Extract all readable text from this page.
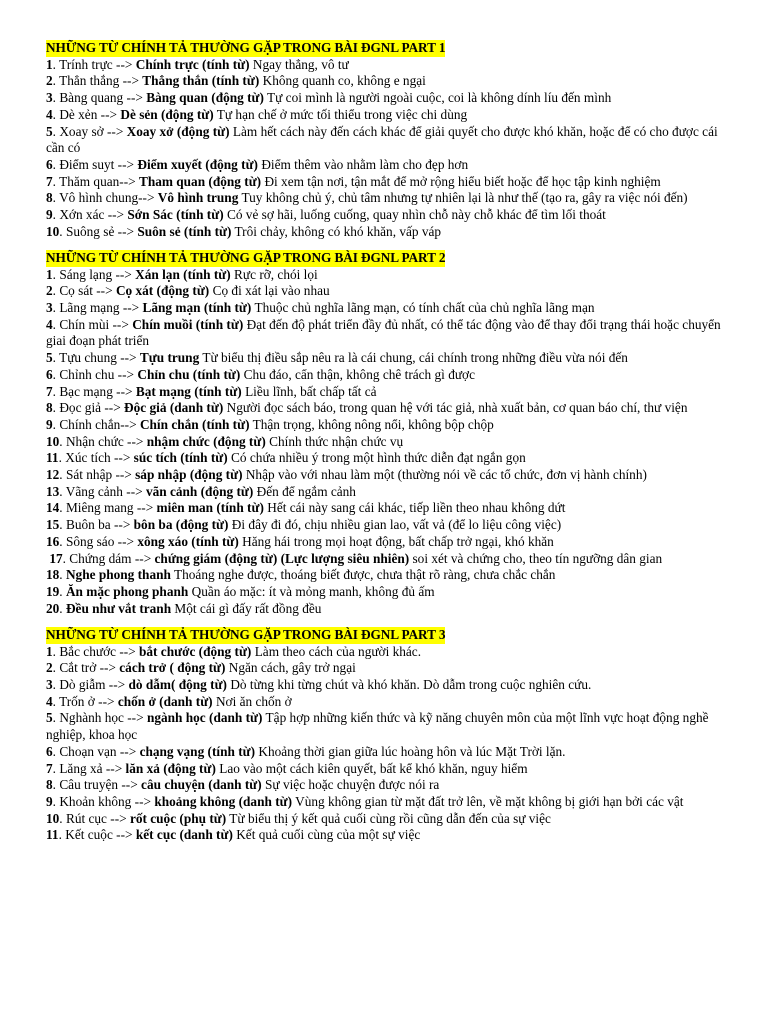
NHỮNG TỪ CHÍNH TẢ THƯỜNG GẶP TRONG BÀI ĐGNL PART 1
1. Trính trực --> Chính trực (tính từ) Ngay thẳng, vô tư
2. Thẳn thắng --> Thẳng thắn (tính từ) Không quanh co, không e ngại
3. Bàng quang --> Bàng quan (động từ) Tự coi mình là người ngoài cuộc, coi là không dính líu đến mình
4. Dè xẻn --> Dè sẻn (động từ) Tự hạn chế ở mức tối thiểu trong việc chi dùng
5. Xoay sở --> Xoay xở (động từ) Làm hết cách này đến cách khác để giải quyết cho được khó khăn, hoặc để có cho được cái cần có
6. Điểm suyt --> Điểm xuyết (động từ) Điểm thêm vào nhằm làm cho đẹp hơn
7. Thăm quan--> Tham quan (động từ) Đi xem tận nơi, tận mắt để mở rộng hiểu biết hoặc để học tập kinh nghiệm
8. Vô hình chung--> Vô hình trung Tuy không chủ ý, chủ tâm nhưng tự nhiên lại là như thế (tạo ra, gây ra việc nói đến)
9. Xớn xác --> Sớn Sác (tính từ) Có vẻ sợ hãi, luống cuống, quay nhìn chỗ này chỗ khác để tìm lối thoát
10. Suông sẻ --> Suôn sẻ (tính từ) Trôi chảy, không có khó khăn, vấp váp
NHỮNG TỪ CHÍNH TẢ THƯỜNG GẶP TRONG BÀI ĐGNL PART 2
1. Sáng lạng --> Xán lạn (tính từ) Rực rỡ, chói lọi
2. Cọ sát --> Cọ xát (động từ) Cọ đi xát lại vào nhau
3. Lãng mạng --> Lãng mạn (tính từ) Thuộc chủ nghĩa lãng mạn, có tính chất của chủ nghĩa lãng mạn
4. Chín mùi --> Chín muồi (tính từ) Đạt đến độ phát triển đầy đủ nhất, có thể tác động vào để thay đổi trạng thái hoặc chuyển giai đoạn phát triển
5. Tựu chung --> Tựu trung Từ biểu thị điều sắp nêu ra là cái chung, cái chính trong những điều vừa nói đến
6. Chỉnh chu --> Chỉn chu (tính từ) Chu đáo, cẩn thận, không chê trách gì được
7. Bạc mạng --> Bạt mạng (tính từ) Liều lĩnh, bất chấp tất cả
8. Đọc giả --> Độc giả (danh từ) Người đọc sách báo, trong quan hệ với tác giả, nhà xuất bản, cơ quan báo chí, thư viện
9. Chính chắn--> Chín chắn (tính từ) Thận trọng, không nông nổi, không bộp chộp
10. Nhận chức --> nhậm chức (động từ) Chính thức nhận chức vụ
11. Xúc tích --> súc tích (tính từ) Có chứa nhiều ý trong một hình thức diễn đạt ngắn gọn
12. Sát nhập --> sáp nhập (động từ) Nhập vào với nhau làm một (thường nói về các tổ chức, đơn vị hành chính)
13. Vãng cảnh --> vãn cảnh (động từ) Đến để ngắm cảnh
14. Miêng mang --> miên man (tính từ) Hết cái này sang cái khác, tiếp liền theo nhau không dứt
15. Buôn ba --> bôn ba (động từ) Đi đây đi đó, chịu nhiều gian lao, vất vả (để lo liệu công việc)
16. Sông sáo --> xông xáo (tính từ) Hăng hái trong mọi hoạt động, bất chấp trở ngại, khó khăn
17. Chứng dám --> chứng giám (động từ) (Lực lượng siêu nhiên) soi xét và chứng cho, theo tín ngưỡng dân gian
18. Nghe phong thanh Thoáng nghe được, thoáng biết được, chưa thật rõ ràng, chưa chắc chắn
19. Ăn mặc phong phanh Quần áo mặc: ít và mỏng manh, không đủ ấm
20. Đều như vắt tranh Một cái gì đấy rất đồng đều
NHỮNG TỪ CHÍNH TẢ THƯỜNG GẶP TRONG BÀI ĐGNL PART 3
1. Bắc chước --> bắt chước (động từ) Làm theo cách của người khác.
2. Cắt trở --> cách trở ( động từ) Ngăn cách, gây trở ngại
3. Dò giẫm --> dò dẫm( động từ) Dò từng khi từng chút và khó khăn. Dò dẫm trong cuộc nghiên cứu.
4. Trốn ở --> chốn ở (danh từ) Nơi ăn chốn ở
5. Nghành học --> ngành học (danh từ) Tập hợp những kiến thức và kỹ năng chuyên môn của một lĩnh vực hoạt động nghề nghiệp, khoa học
6. Choạn vạn --> chạng vạng (tính từ) Khoảng thời gian giữa lúc hoàng hôn và lúc Mặt Trời lặn.
7. Lăng xả --> lăn xả (động từ) Lao vào một cách kiên quyết, bất kể khó khăn, nguy hiểm
8. Câu truyện --> câu chuyện (danh từ) Sự việc hoặc chuyện được nói ra
9. Khoản không --> khoảng không (danh từ) Vùng không gian từ mặt đất trở lên, về mặt không bị giới hạn bởi các vật
10. Rút cục --> rốt cuộc (phụ từ) Từ biểu thị ý kết quả cuối cùng rồi cũng dẫn đến của sự việc
11. Kết cuộc --> kết cục (danh từ) Kết quả cuối cùng của một sự việc
